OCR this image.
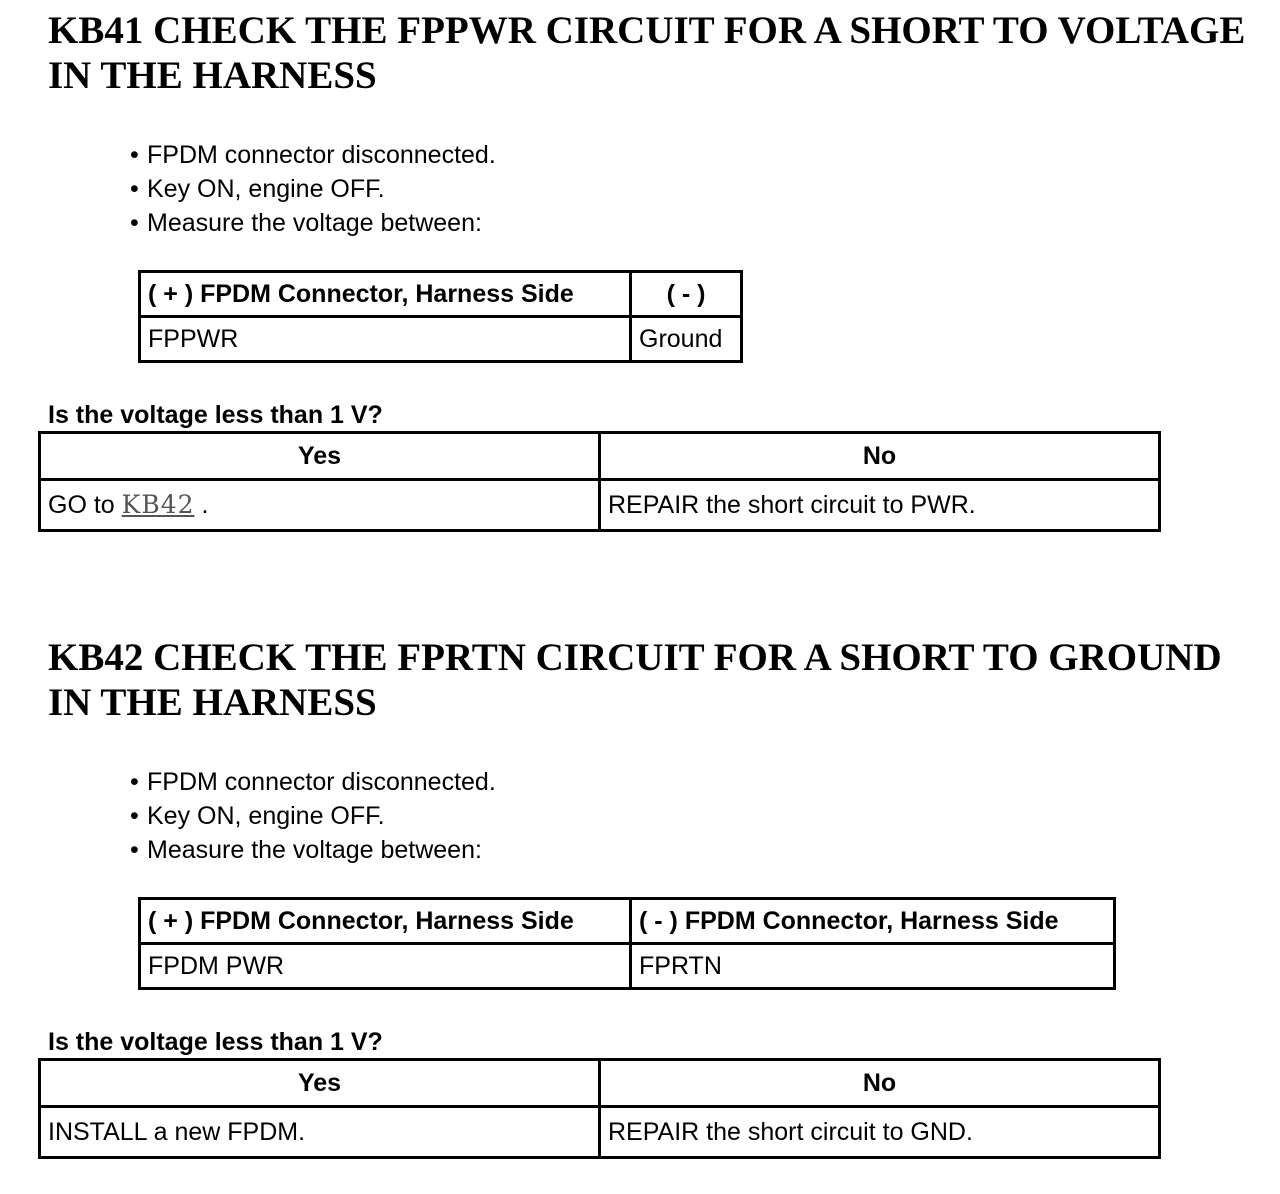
KB41 CHECK THE FPPWR CIRCUIT FOR A SHORT TO VOLTAGE IN THE HARNESS
• FPDM connector disconnected.
• Key ON, engine OFF.
• Measure the voltage between:
( + ) FPDM Connector, Harness Side	( - )
FPPWR	Ground

Is the voltage less than 1 V?

Yes	No
GO to KB42 .	REPAIR the short circuit to PWR.
KB42 CHECK THE FPRTN CIRCUIT FOR A SHORT TO GROUND IN THE HARNESS
• FPDM connector disconnected.
• Key ON, engine OFF.
• Measure the voltage between:
( + ) FPDM Connector, Harness Side	( - ) FPDM Connector, Harness Side
FPDM PWR	FPRTN

Is the voltage less than 1 V?

Yes	No
INSTALL a new FPDM.	REPAIR the short circuit to GND.
